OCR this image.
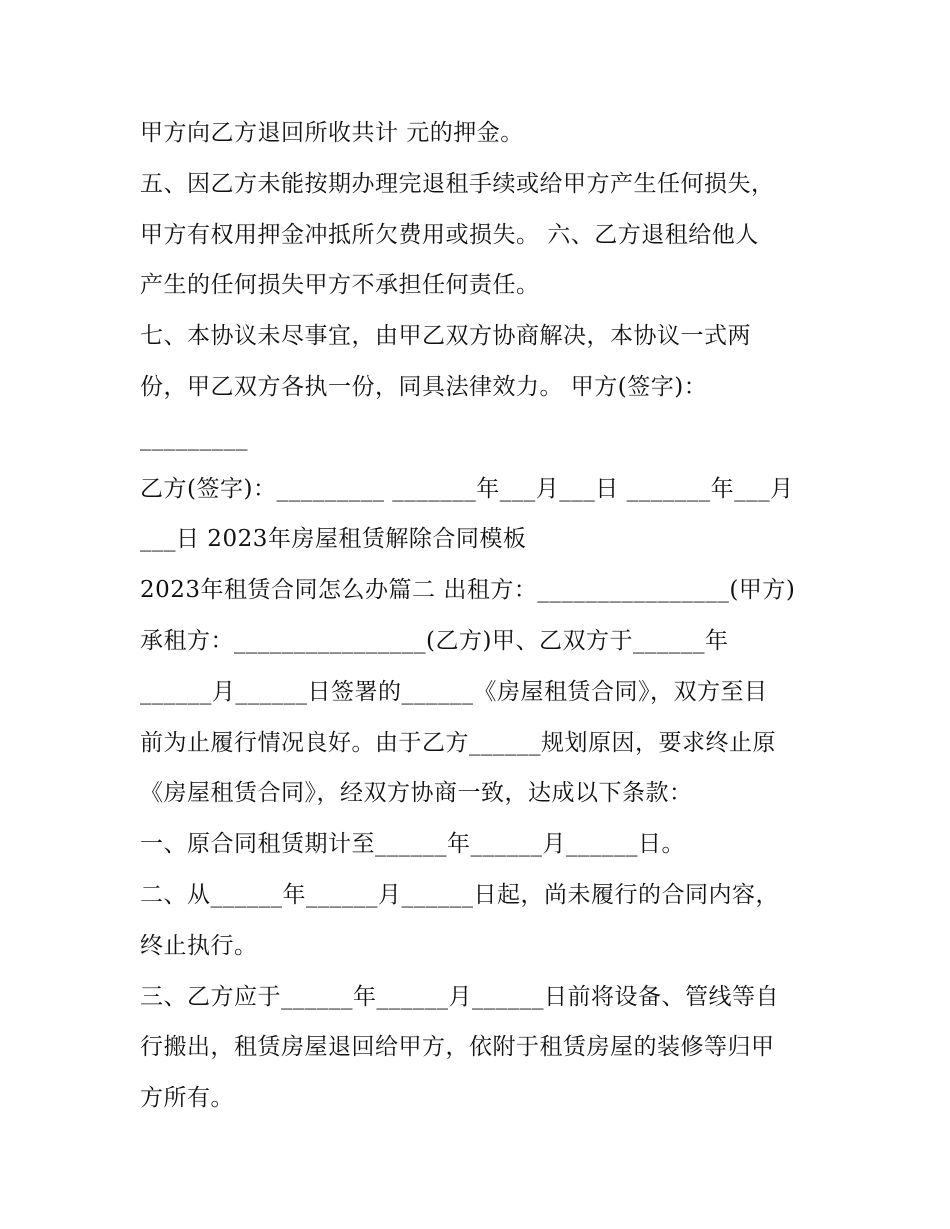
甲方向乙方退回所收共计 元的押金。
五、因乙方未能按期办理完退租手续或给甲方产生任何损失，
甲方有权用押金冲抵所欠费用或损失。 六、乙方退租给他人
产生的任何损失甲方不承担任何责任。
七、本协议未尽事宜，由甲乙双方协商解决，本协议一式两
份，甲乙双方各执一份，同具法律效力。 甲方(签字)：
_________
乙方(签字)：_________ _______年___月___日 _______年___月
___日 2023年房屋租赁解除合同模板
2023年租赁合同怎么办篇二 出租方：________________(甲方)
承租方：________________(乙方)甲、乙双方于______年
______月______日签署的______《房屋租赁合同》，双方至目
前为止履行情况良好。由于乙方______规划原因，要求终止原
《房屋租赁合同》，经双方协商一致，达成以下条款：
一、原合同租赁期计至______年______月______日。
二、从______年______月______日起，尚未履行的合同内容，
终止执行。
三、乙方应于______年______月______日前将设备、管线等自
行搬出，租赁房屋退回给甲方，依附于租赁房屋的装修等归甲
方所有。
